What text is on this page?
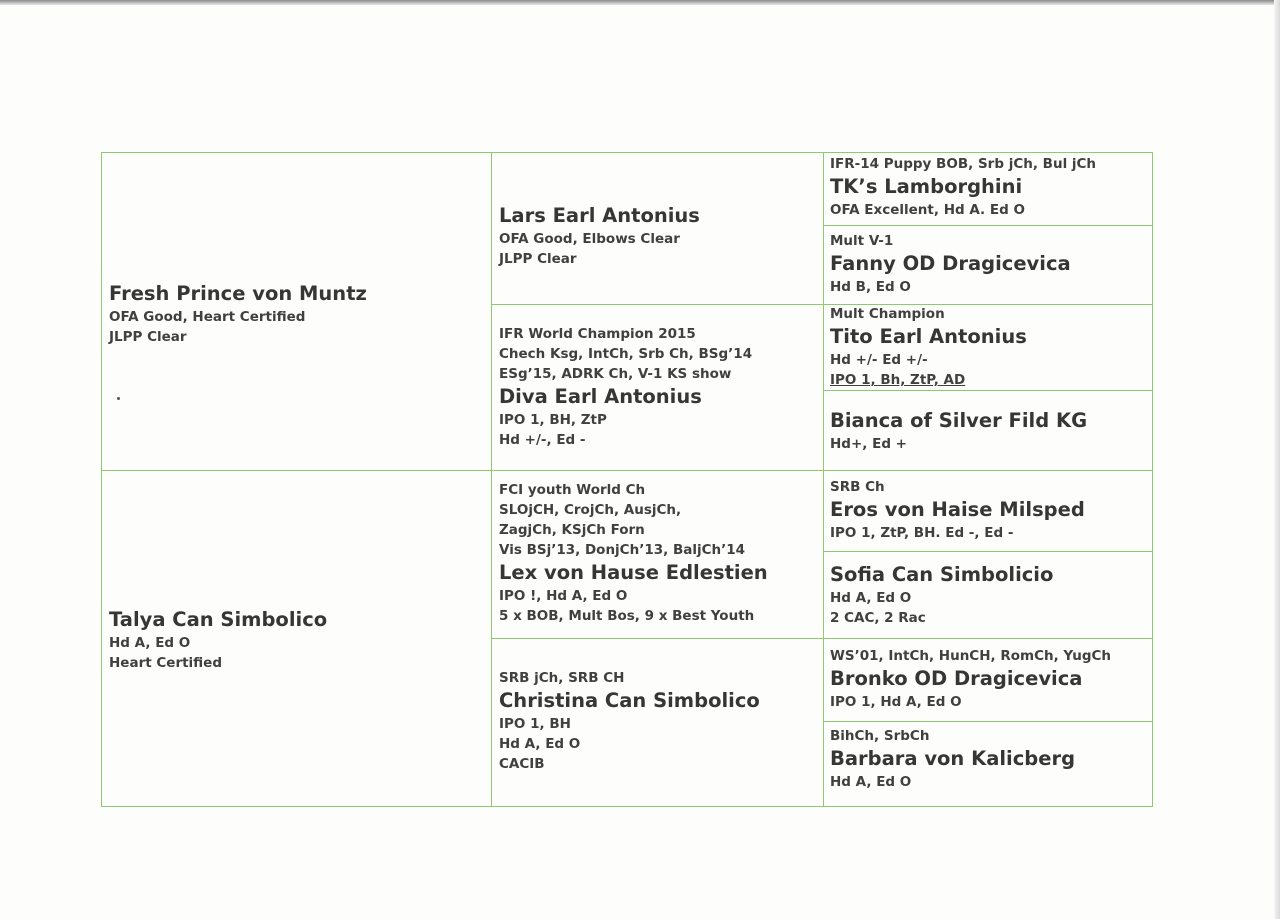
Fresh Prince von Muntz
OFA Good, Heart Certified
JLPP Clear
Talya Can Simbolico
Hd A, Ed O
Heart Certified
Lars Earl Antonius
OFA Good, Elbows Clear
JLPP Clear
IFR World Champion 2015
Chech Ksg, IntCh, Srb Ch, BSg’14
ESg’15, ADRK Ch, V-1 KS show
Diva Earl Antonius
IPO 1, BH, ZtP
Hd +/-, Ed -
FCI youth World Ch
SLOjCH, CrojCh, AusjCh,
ZagjCh, KSjCh Forn
Vis BSj’13, DonjCh’13, BaljCh’14
Lex von Hause Edlestien
IPO !, Hd A, Ed O
5 x BOB, Mult Bos, 9 x Best Youth
SRB jCh, SRB CH
Christina Can Simbolico
IPO 1, BH
Hd A, Ed O
CACIB
IFR-14 Puppy BOB, Srb jCh, Bul jCh
TK’s Lamborghini
OFA Excellent, Hd A. Ed O
Mult V-1
Fanny OD Dragicevica
Hd B, Ed O
Mult Champion
Tito Earl Antonius
Hd +/- Ed +/-
IPO 1, Bh, ZtP, AD
Bianca of Silver Fild KG
Hd+, Ed +
SRB Ch
Eros von Haise Milsped
IPO 1, ZtP, BH. Ed -, Ed -
Sofia Can Simbolicio
Hd A, Ed O
2 CAC, 2 Rac
WS’01, IntCh, HunCH, RomCh, YugCh
Bronko OD Dragicevica
IPO 1, Hd A, Ed O
BihCh, SrbCh
Barbara von Kalicberg
Hd A, Ed O
